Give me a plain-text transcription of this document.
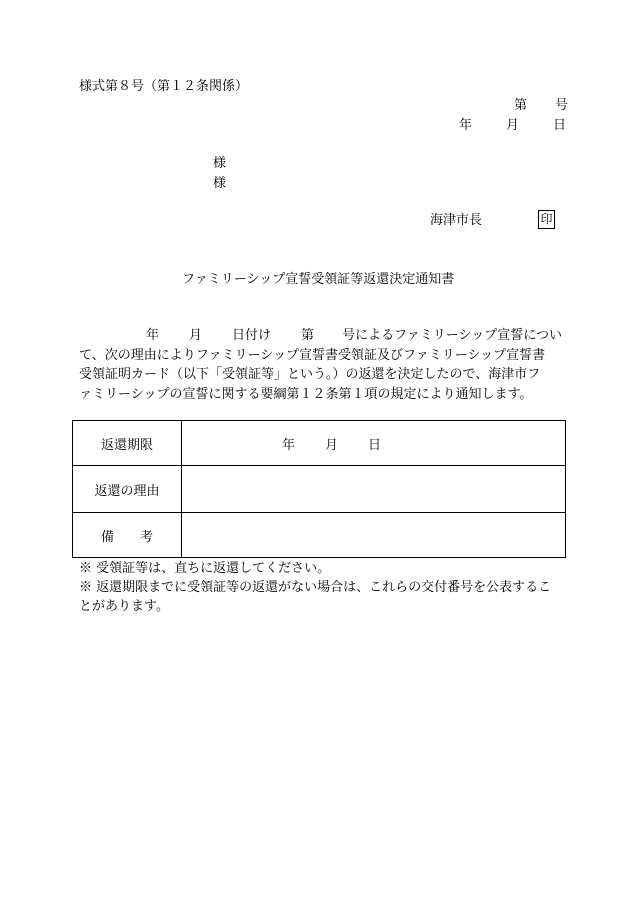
様式第８号（第１２条関係）
第 号
年	月	日
様
様
海津市長	印
ファミリーシップ宣誓受領証等返還決定通知書

年 月 日付け 第 号によるファミリーシップ宣誓につい

て、次の理由によりファミリーシップ宣誓書受領証及びファミリーシップ宣誓書

受領証明カード（以下「受領証等」という。）の返還を決定したので、海津市フ

ァミリーシップの宣誓に関する要綱第１２条第１項の規定により通知します。

返還期限	年 月 日
返還の理由	
備　　考	

※ 受領証等は、直ちに返還してください。

※ 返還期限までに受領証等の返還がない場合は、これらの交付番号を公表するこ

とがあります。
